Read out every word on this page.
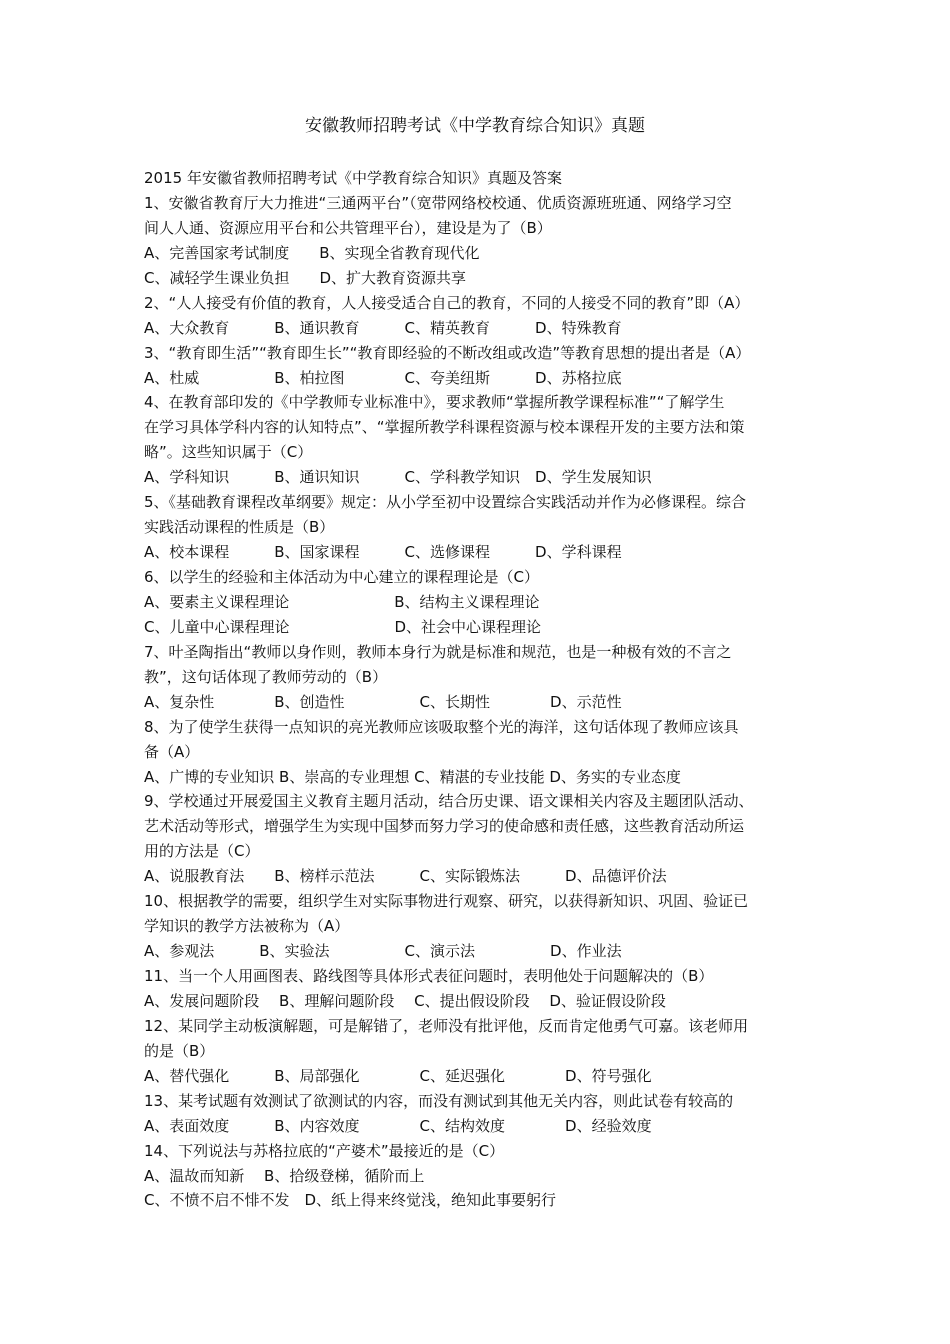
安徽教师招聘考试《中学教育综合知识》真题
2015 年安徽省教师招聘考试《中学教育综合知识》真题及答案
1、安徽省教育厅大力推进“三通两平台”（宽带网络校校通、优质资源班班通、网络学习空
间人人通、资源应用平台和公共管理平台），建设是为了（B）
A、完善国家考试制度　　B、实现全省教育现代化
C、减轻学生课业负担　　D、扩大教育资源共享
2、“人人接受有价值的教育，人人接受适合自己的教育，不同的人接受不同的教育”即（A）
A、大众教育　　　B、通识教育　　　C、精英教育　　　D、特殊教育
3、“教育即生活”“教育即生长”“教育即经验的不断改组或改造”等教育思想的提出者是（A）
A、杜威　　　　　B、柏拉图　　　　C、夸美纽斯　　　D、苏格拉底
4、在教育部印发的《中学教师专业标准中》，要求教师“掌握所教学课程标准”“了解学生
在学习具体学科内容的认知特点”、“掌握所教学科课程资源与校本课程开发的主要方法和策
略”。这些知识属于（C）
A、学科知识　　　B、通识知识　　　C、学科教学知识　D、学生发展知识
5、《基础教育课程改革纲要》规定：从小学至初中设置综合实践活动并作为必修课程。综合
实践活动课程的性质是（B）
A、校本课程　　　B、国家课程　　　C、选修课程　　　D、学科课程
6、以学生的经验和主体活动为中心建立的课程理论是（C）
A、要素主义课程理论　　　　　　　B、结构主义课程理论
C、儿童中心课程理论　　　　　　　D、社会中心课程理论
7、叶圣陶指出“教师以身作则，教师本身行为就是标准和规范，也是一种极有效的不言之
教”，这句话体现了教师劳动的（B）
A、复杂性　　　　B、创造性　　　　　C、长期性　　　　D、示范性
8、为了使学生获得一点知识的亮光教师应该吸取整个光的海洋，这句话体现了教师应该具
备（A）
A、广博的专业知识 B、崇高的专业理想 C、精湛的专业技能 D、务实的专业态度
9、学校通过开展爱国主义教育主题月活动，结合历史课、语文课相关内容及主题团队活动、
艺术活动等形式，增强学生为实现中国梦而努力学习的使命感和责任感，这些教育活动所运
用的方法是（C）
A、说服教育法　　B、榜样示范法　　　C、实际锻炼法　　　D、品德评价法
10、根据教学的需要，组织学生对实际事物进行观察、研究，以获得新知识、巩固、验证已
学知识的教学方法被称为（A）
A、参观法　　　B、实验法　　　　　C、演示法　　　　　D、作业法
11、当一个人用画图表、路线图等具体形式表征问题时，表明他处于问题解决的（B）
A、发展问题阶段　 B、理解问题阶段　 C、提出假设阶段　 D、验证假设阶段
12、某同学主动板演解题，可是解错了，老师没有批评他，反而肯定他勇气可嘉。该老师用
的是（B）
A、替代强化　　　B、局部强化　　　　C、延迟强化　　　　D、符号强化
13、某考试题有效测试了欲测试的内容，而没有测试到其他无关内容，则此试卷有较高的
A、表面效度　　　B、内容效度　　　　C、结构效度　　　　D、经验效度
14、下列说法与苏格拉底的“产婆术”最接近的是（C）
A、温故而知新　 B、拾级登梯，循阶而上
C、不愤不启不悱不发　D、纸上得来终觉浅，绝知此事要躬行
